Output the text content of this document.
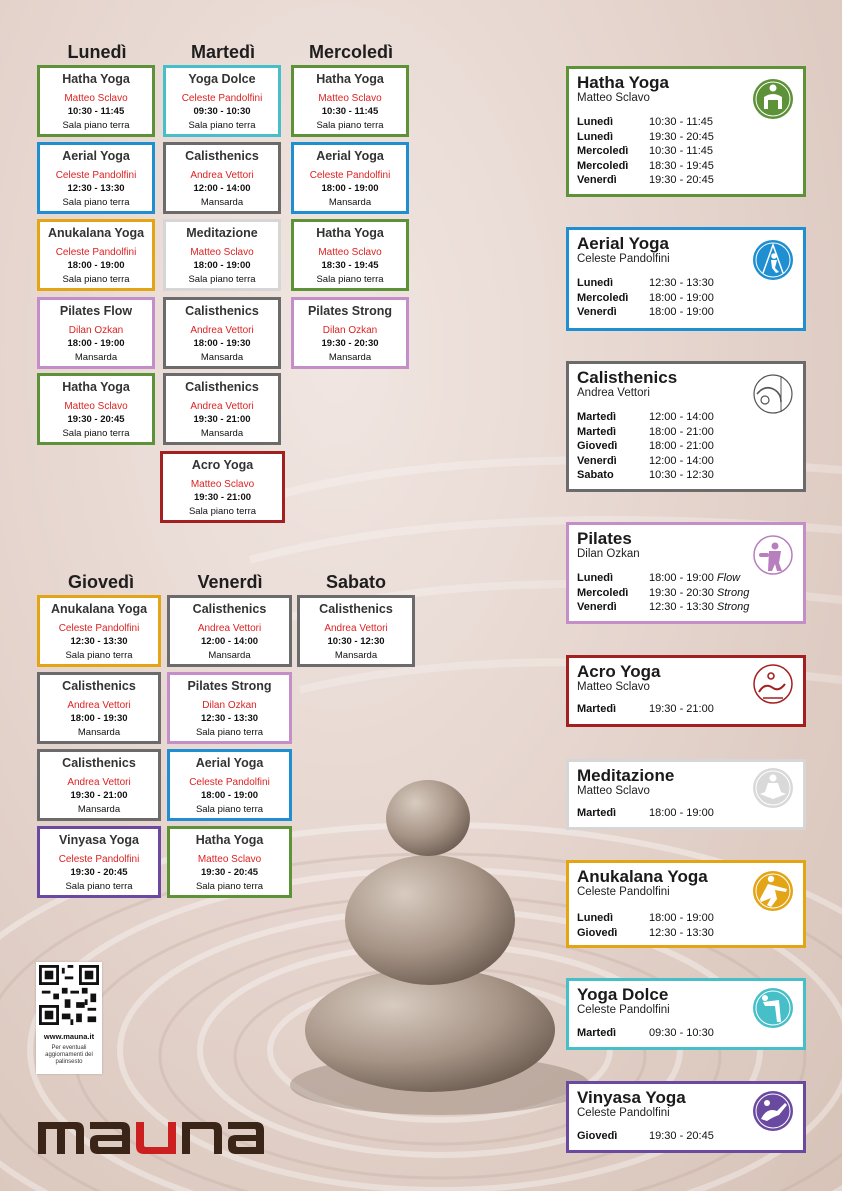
Lunedì	Martedì	Mercoledì
Giovedì	Venerdì	Sabato
Hatha Yoga
Matteo Sclavo
10:30 - 11:45
Sala piano terra
Aerial Yoga
Celeste Pandolfini
12:30 - 13:30
Sala piano terra
Anukalana Yoga
Celeste Pandolfini
18:00 - 19:00
Sala piano terra
Pilates Flow
Dilan Ozkan
18:00 - 19:00
Mansarda
Hatha Yoga
Matteo Sclavo
19:30 - 20:45
Sala piano terra
Yoga Dolce
Celeste Pandolfini
09:30 - 10:30
Sala piano terra
Calisthenics
Andrea Vettori
12:00 - 14:00
Mansarda
Meditazione
Matteo Sclavo
18:00 - 19:00
Sala piano terra
Calisthenics
Andrea Vettori
18:00 - 19:30
Mansarda
Calisthenics
Andrea Vettori
19:30 - 21:00
Mansarda
Acro Yoga
Matteo Sclavo
19:30 - 21:00
Sala piano terra
Hatha Yoga
Matteo Sclavo
10:30 - 11:45
Sala piano terra
Aerial Yoga
Celeste Pandolfini
18:00 - 19:00
Mansarda
Hatha Yoga
Matteo Sclavo
18:30 - 19:45
Sala piano terra
Pilates Strong
Dilan Ozkan
19:30 - 20:30
Mansarda
Anukalana Yoga
Celeste Pandolfini
12:30 - 13:30
Sala piano terra
Calisthenics
Andrea Vettori
18:00 - 19:30
Mansarda
Calisthenics
Andrea Vettori
19:30 - 21:00
Mansarda
Vinyasa Yoga
Celeste Pandolfini
19:30 - 20:45
Sala piano terra
Calisthenics
Andrea Vettori
12:00 - 14:00
Mansarda
Pilates Strong
Dilan Ozkan
12:30 - 13:30
Sala piano terra
Aerial Yoga
Celeste Pandolfini
18:00 - 19:00
Sala piano terra
Hatha Yoga
Matteo Sclavo
19:30 - 20:45
Sala piano terra
Calisthenics
Andrea Vettori
10:30 - 12:30
Mansarda
Hatha Yoga
Matteo Sclavo
Lunedì	10:30 - 11:45
Lunedì	19:30 - 20:45
Mercoledì 10:30 - 11:45
Mercoledì 18:30 - 19:45
Venerdì	19:30 - 20:45
Aerial Yoga
Celeste Pandolfini
Lunedì	12:30 - 13:30
Mercoledì 18:00 - 19:00
Venerdì	18:00 - 19:00
Calisthenics
Andrea Vettori
Martedì	12:00 - 14:00
Martedì	18:00 - 21:00
Giovedì	18:00 - 21:00
Venerdì	12:00 - 14:00
Sabato	10:30 - 12:30
Pilates
Dilan Ozkan
Lunedì	18:00 - 19:00 Flow
Mercoledì 19:30 - 20:30 Strong
Venerdì	12:30 - 13:30 Strong
Acro Yoga
Matteo Sclavo
Martedì	19:30 - 21:00
Meditazione
Matteo Sclavo
Martedì	18:00 - 19:00
Anukalana Yoga
Celeste Pandolfini
Lunedì	18:00 - 19:00
Giovedì	12:30 - 13:30
Yoga Dolce
Celeste Pandolfini
Martedì	09:30 - 10:30
Vinyasa Yoga
Celeste Pandolfini
Giovedì	19:30 - 20:45
www.mauna.it
Per eventuali aggiornamenti del palinsesto
